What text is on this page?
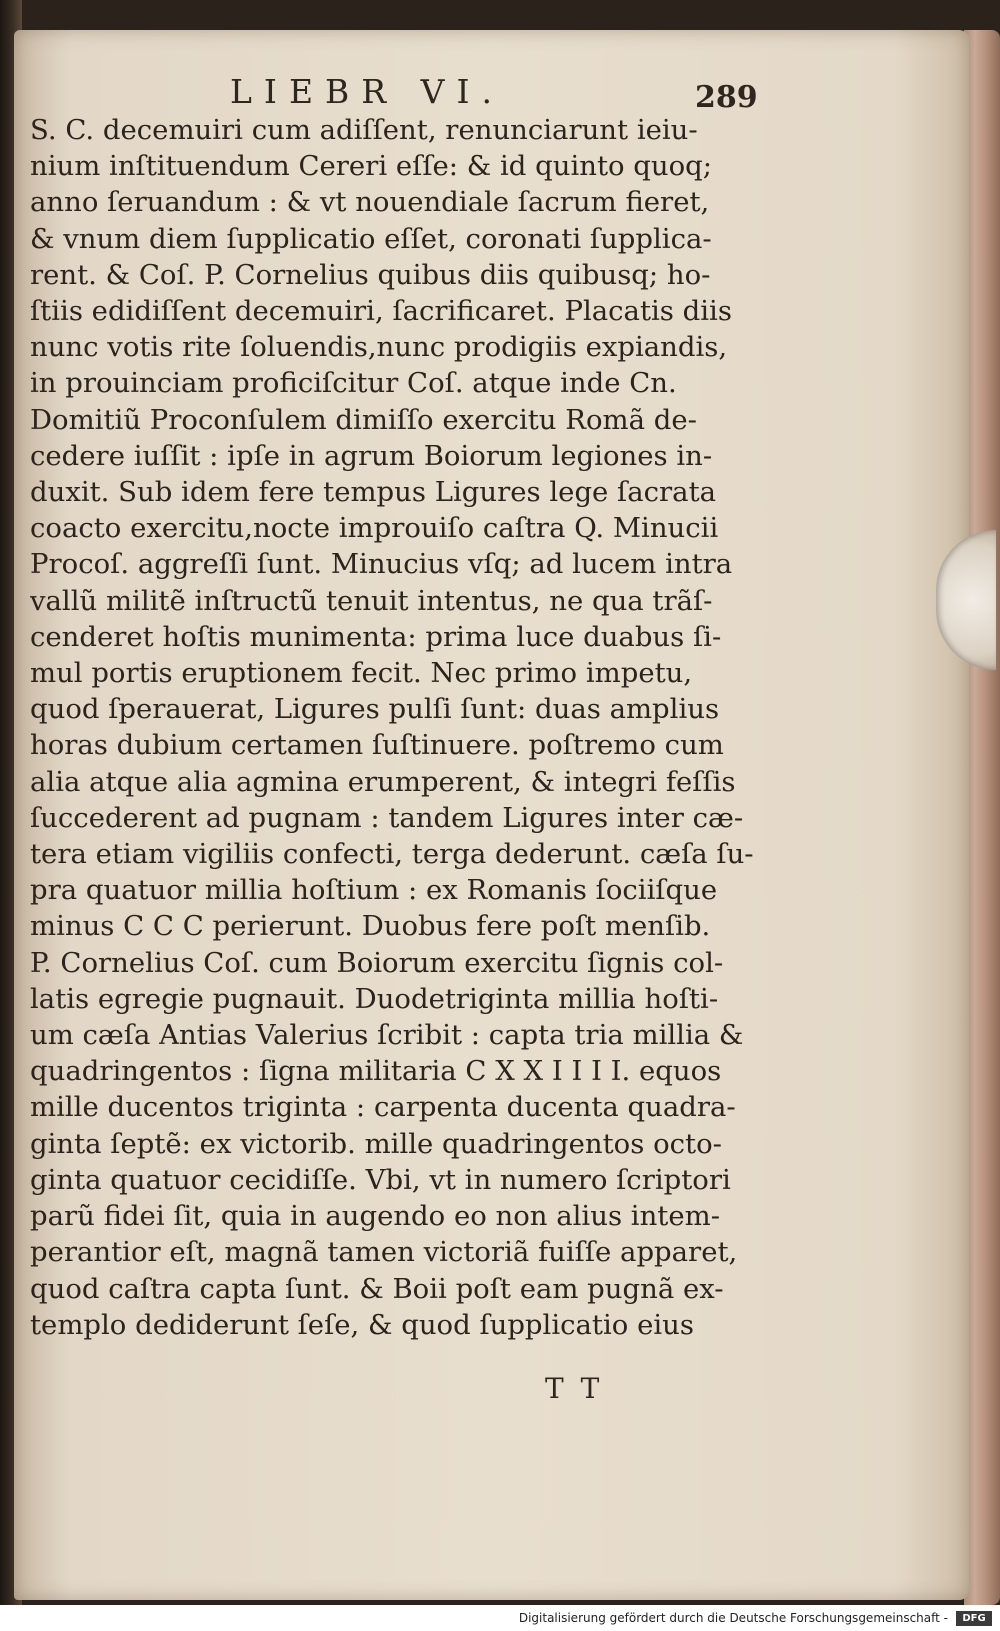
LIEBR VI.	289
S. C. decemuiri cum adiſſent, renunciarunt ieiu-
nium inſtituendum Cereri eſſe: & id quinto quoq;
anno ſeruandum : & vt nouendiale ſacrum fieret,
& vnum diem ſupplicatio eſſet, coronati ſupplica-
rent. & Coſ. P. Cornelius quibus diis quibusq; ho-
ſtiis edidiſſent decemuiri, ſacrificaret. Placatis diis
nunc votis rite ſoluendis,nunc prodigiis expiandis,
in prouinciam proficiſcitur Coſ. atque inde Cn.
Domitiũ Proconſulem dimiſſo exercitu Romã de-
cedere iuſſit : ipſe in agrum Boiorum legiones in-
duxit. Sub idem fere tempus Ligures lege ſacrata
coacto exercitu,nocte improuiſo caſtra Q. Minucii
Procoſ. aggreſſi ſunt. Minucius vſq; ad lucem intra
vallũ militẽ inſtructũ tenuit intentus, ne qua trãſ-
cenderet hoſtis munimenta: prima luce duabus ſi-
mul portis eruptionem fecit. Nec primo impetu,
quod ſperauerat, Ligures pulſi ſunt: duas amplius
horas dubium certamen ſuſtinuere. poſtremo cum
alia atque alia agmina erumperent, & integri feſſis
ſuccederent ad pugnam : tandem Ligures inter cæ-
tera etiam vigiliis confecti, terga dederunt. cæſa ſu-
pra quatuor millia hoſtium : ex Romanis ſociiſque
minus C C C perierunt. Duobus fere poſt menſib.
P. Cornelius Coſ. cum Boiorum exercitu ſignis col-
latis egregie pugnauit. Duodetriginta millia hoſti-
um cæſa Antias Valerius ſcribit : capta tria millia &
quadringentos : ſigna militaria C X X I I I I. equos
mille ducentos triginta : carpenta ducenta quadra-
ginta ſeptẽ: ex victorib. mille quadringentos octo-
ginta quatuor cecidiſſe. Vbi, vt in numero ſcriptori
parũ fidei ſit, quia in augendo eo non alius intem-
perantior eſt, magnã tamen victoriã fuiſſe apparet,
quod caſtra capta ſunt. & Boii poſt eam pugnã ex-
templo dediderunt ſeſe, & quod ſupplicatio eius
T T
Digitalisierung gefördert durch die Deutsche Forschungsgemeinschaft -	DFG
